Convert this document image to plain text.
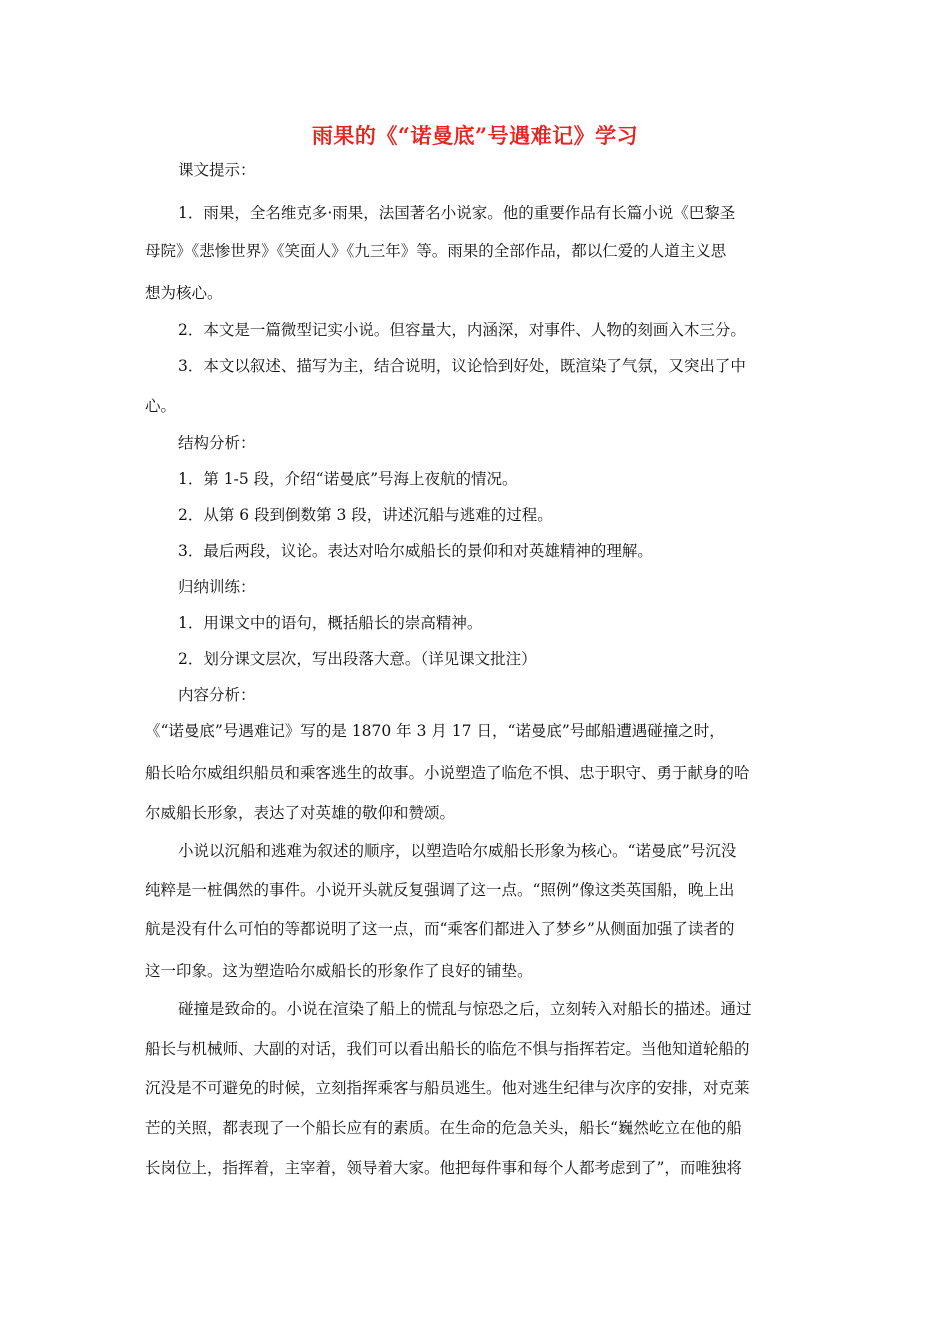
雨果的《“诺曼底”号遇难记》学习
课文提示：
1．雨果，全名维克多·雨果，法国著名小说家。他的重要作品有长篇小说《巴黎圣
母院》《悲惨世界》《笑面人》《九三年》等。雨果的全部作品，都以仁爱的人道主义思
想为核心。
2．本文是一篇微型记实小说。但容量大，内涵深，对事件、人物的刻画入木三分。
3．本文以叙述、描写为主，结合说明，议论恰到好处，既渲染了气氛，又突出了中
心。
结构分析：
1．第 1-5 段，介绍“诺曼底”号海上夜航的情况。
2．从第 6 段到倒数第 3 段，讲述沉船与逃难的过程。
3．最后两段，议论。表达对哈尔威船长的景仰和对英雄精神的理解。
归纳训练：
1．用课文中的语句，概括船长的崇高精神。
2．划分课文层次，写出段落大意。（详见课文批注）
内容分析：
《“诺曼底”号遇难记》写的是 1870 年 3 月 17 日，“诺曼底”号邮船遭遇碰撞之时，
船长哈尔威组织船员和乘客逃生的故事。小说塑造了临危不惧、忠于职守、勇于献身的哈
尔威船长形象，表达了对英雄的敬仰和赞颂。
小说以沉船和逃难为叙述的顺序，以塑造哈尔威船长形象为核心。“诺曼底”号沉没
纯粹是一桩偶然的事件。小说开头就反复强调了这一点。“照例”像这类英国船，晚上出
航是没有什么可怕的等都说明了这一点，而“乘客们都进入了梦乡”从侧面加强了读者的
这一印象。这为塑造哈尔威船长的形象作了良好的铺垫。
碰撞是致命的。小说在渲染了船上的慌乱与惊恐之后，立刻转入对船长的描述。通过
船长与机械师、大副的对话，我们可以看出船长的临危不惧与指挥若定。当他知道轮船的
沉没是不可避免的时候，立刻指挥乘客与船员逃生。他对逃生纪律与次序的安排，对克莱
芒的关照，都表现了一个船长应有的素质。在生命的危急关头，船长“巍然屹立在他的船
长岗位上，指挥着，主宰着，领导着大家。他把每件事和每个人都考虑到了”，而唯独将
